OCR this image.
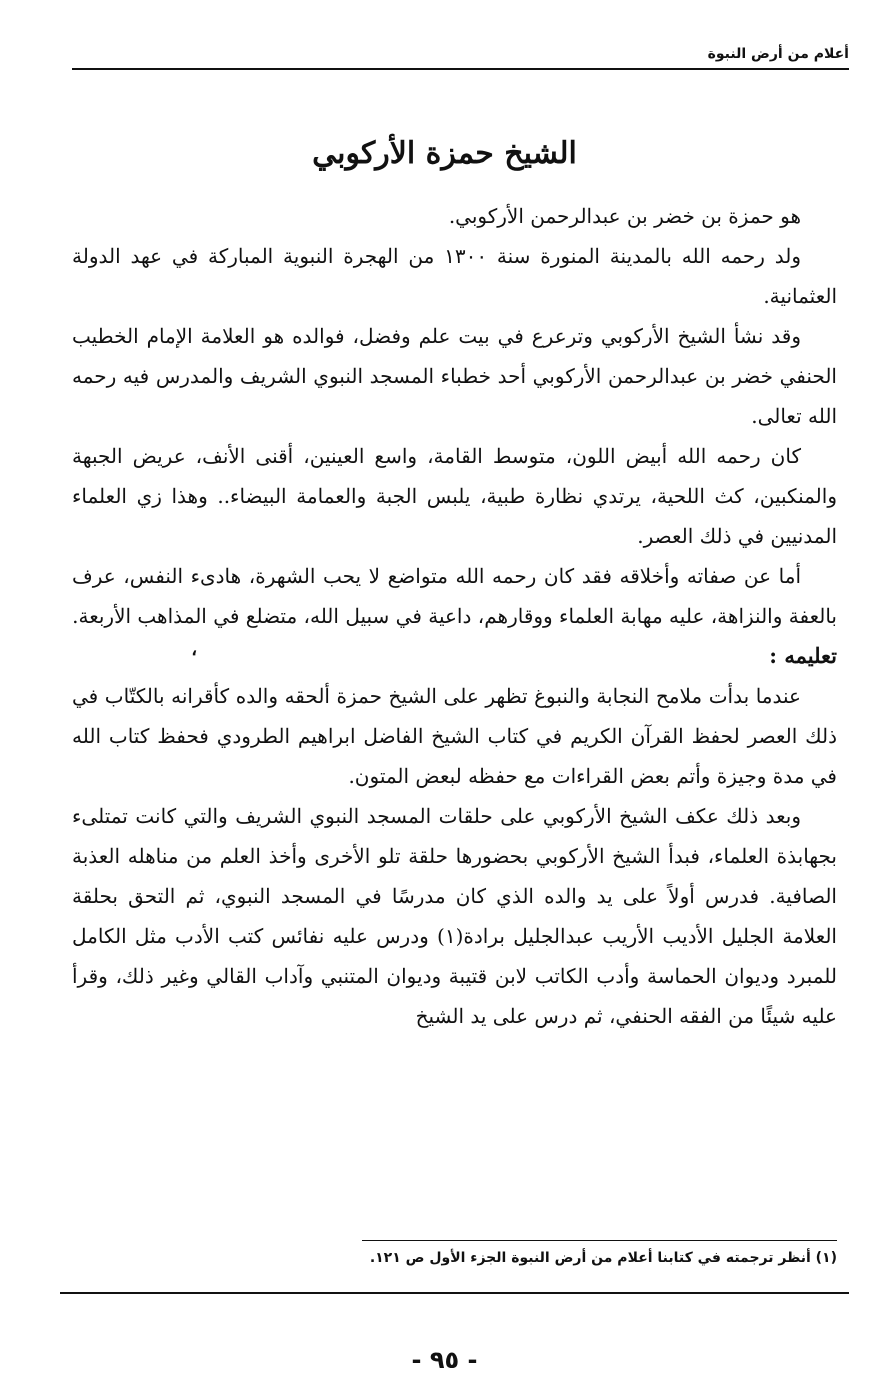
أعلام من أرض النبوة
الشيخ حمزة الأركوبي

هو حمزة بن خضر بن عبدالرحمن الأركوبي.

ولد رحمه الله بالمدينة المنورة سنة ١٣٠٠ من الهجرة النبوية المباركة في عهد الدولة العثمانية.

وقد نشأ الشيخ الأركوبي وترعرع في بيت علم وفضل، فوالده هو العلامة الإمام الخطيب الحنفي خضر بن عبدالرحمن الأركوبي أحد خطباء المسجد النبوي الشريف والمدرس فيه رحمه الله تعالى.

كان رحمه الله أبيض اللون، متوسط القامة، واسع العينين، أقنى الأنف، عريض الجبهة والمنكبين، كث اللحية، يرتدي نظارة طبية، يلبس الجبة والعمامة البيضاء.. وهذا زي العلماء المدنيين في ذلك العصر.

أما عن صفاته وأخلاقه فقد كان رحمه الله متواضع لا يحب الشهرة، هادىء النفس، عرف بالعفة والنزاهة، عليه مهابة العلماء ووقارهم، داعية في سبيل الله، متضلع في المذاهب الأربعة.

تعليمه :
،

عندما بدأت ملامح النجابة والنبوغ تظهر على الشيخ حمزة ألحقه والده كأقرانه بالكتّاب في ذلك العصر لحفظ القرآن الكريم في كتاب الشيخ الفاضل ابراهيم الطرودي فحفظ كتاب الله في مدة وجيزة وأتم بعض القراءات مع حفظه لبعض المتون.

وبعد ذلك عكف الشيخ الأركوبي على حلقات المسجد النبوي الشريف والتي كانت تمتلىء بجهابذة العلماء، فبدأ الشيخ الأركوبي بحضورها حلقة تلو الأخرى وأخذ العلم من مناهله العذبة الصافية. فدرس أولاً على يد والده الذي كان مدرسًا في المسجد النبوي، ثم التحق بحلقة العلامة الجليل الأديب الأريب عبدالجليل برادة(١) ودرس عليه نفائس كتب الأدب مثل الكامل للمبرد وديوان الحماسة وأدب الكاتب لابن قتيبة وديوان المتنبي وآداب القالي وغير ذلك، وقرأ عليه شيئًا من الفقه الحنفي، ثم درس على يد الشيخ

(١) أنظر ترجمته في كتابنا أعلام من أرض النبوة الجزء الأول ص ١٢١.
- ٩٥ -
